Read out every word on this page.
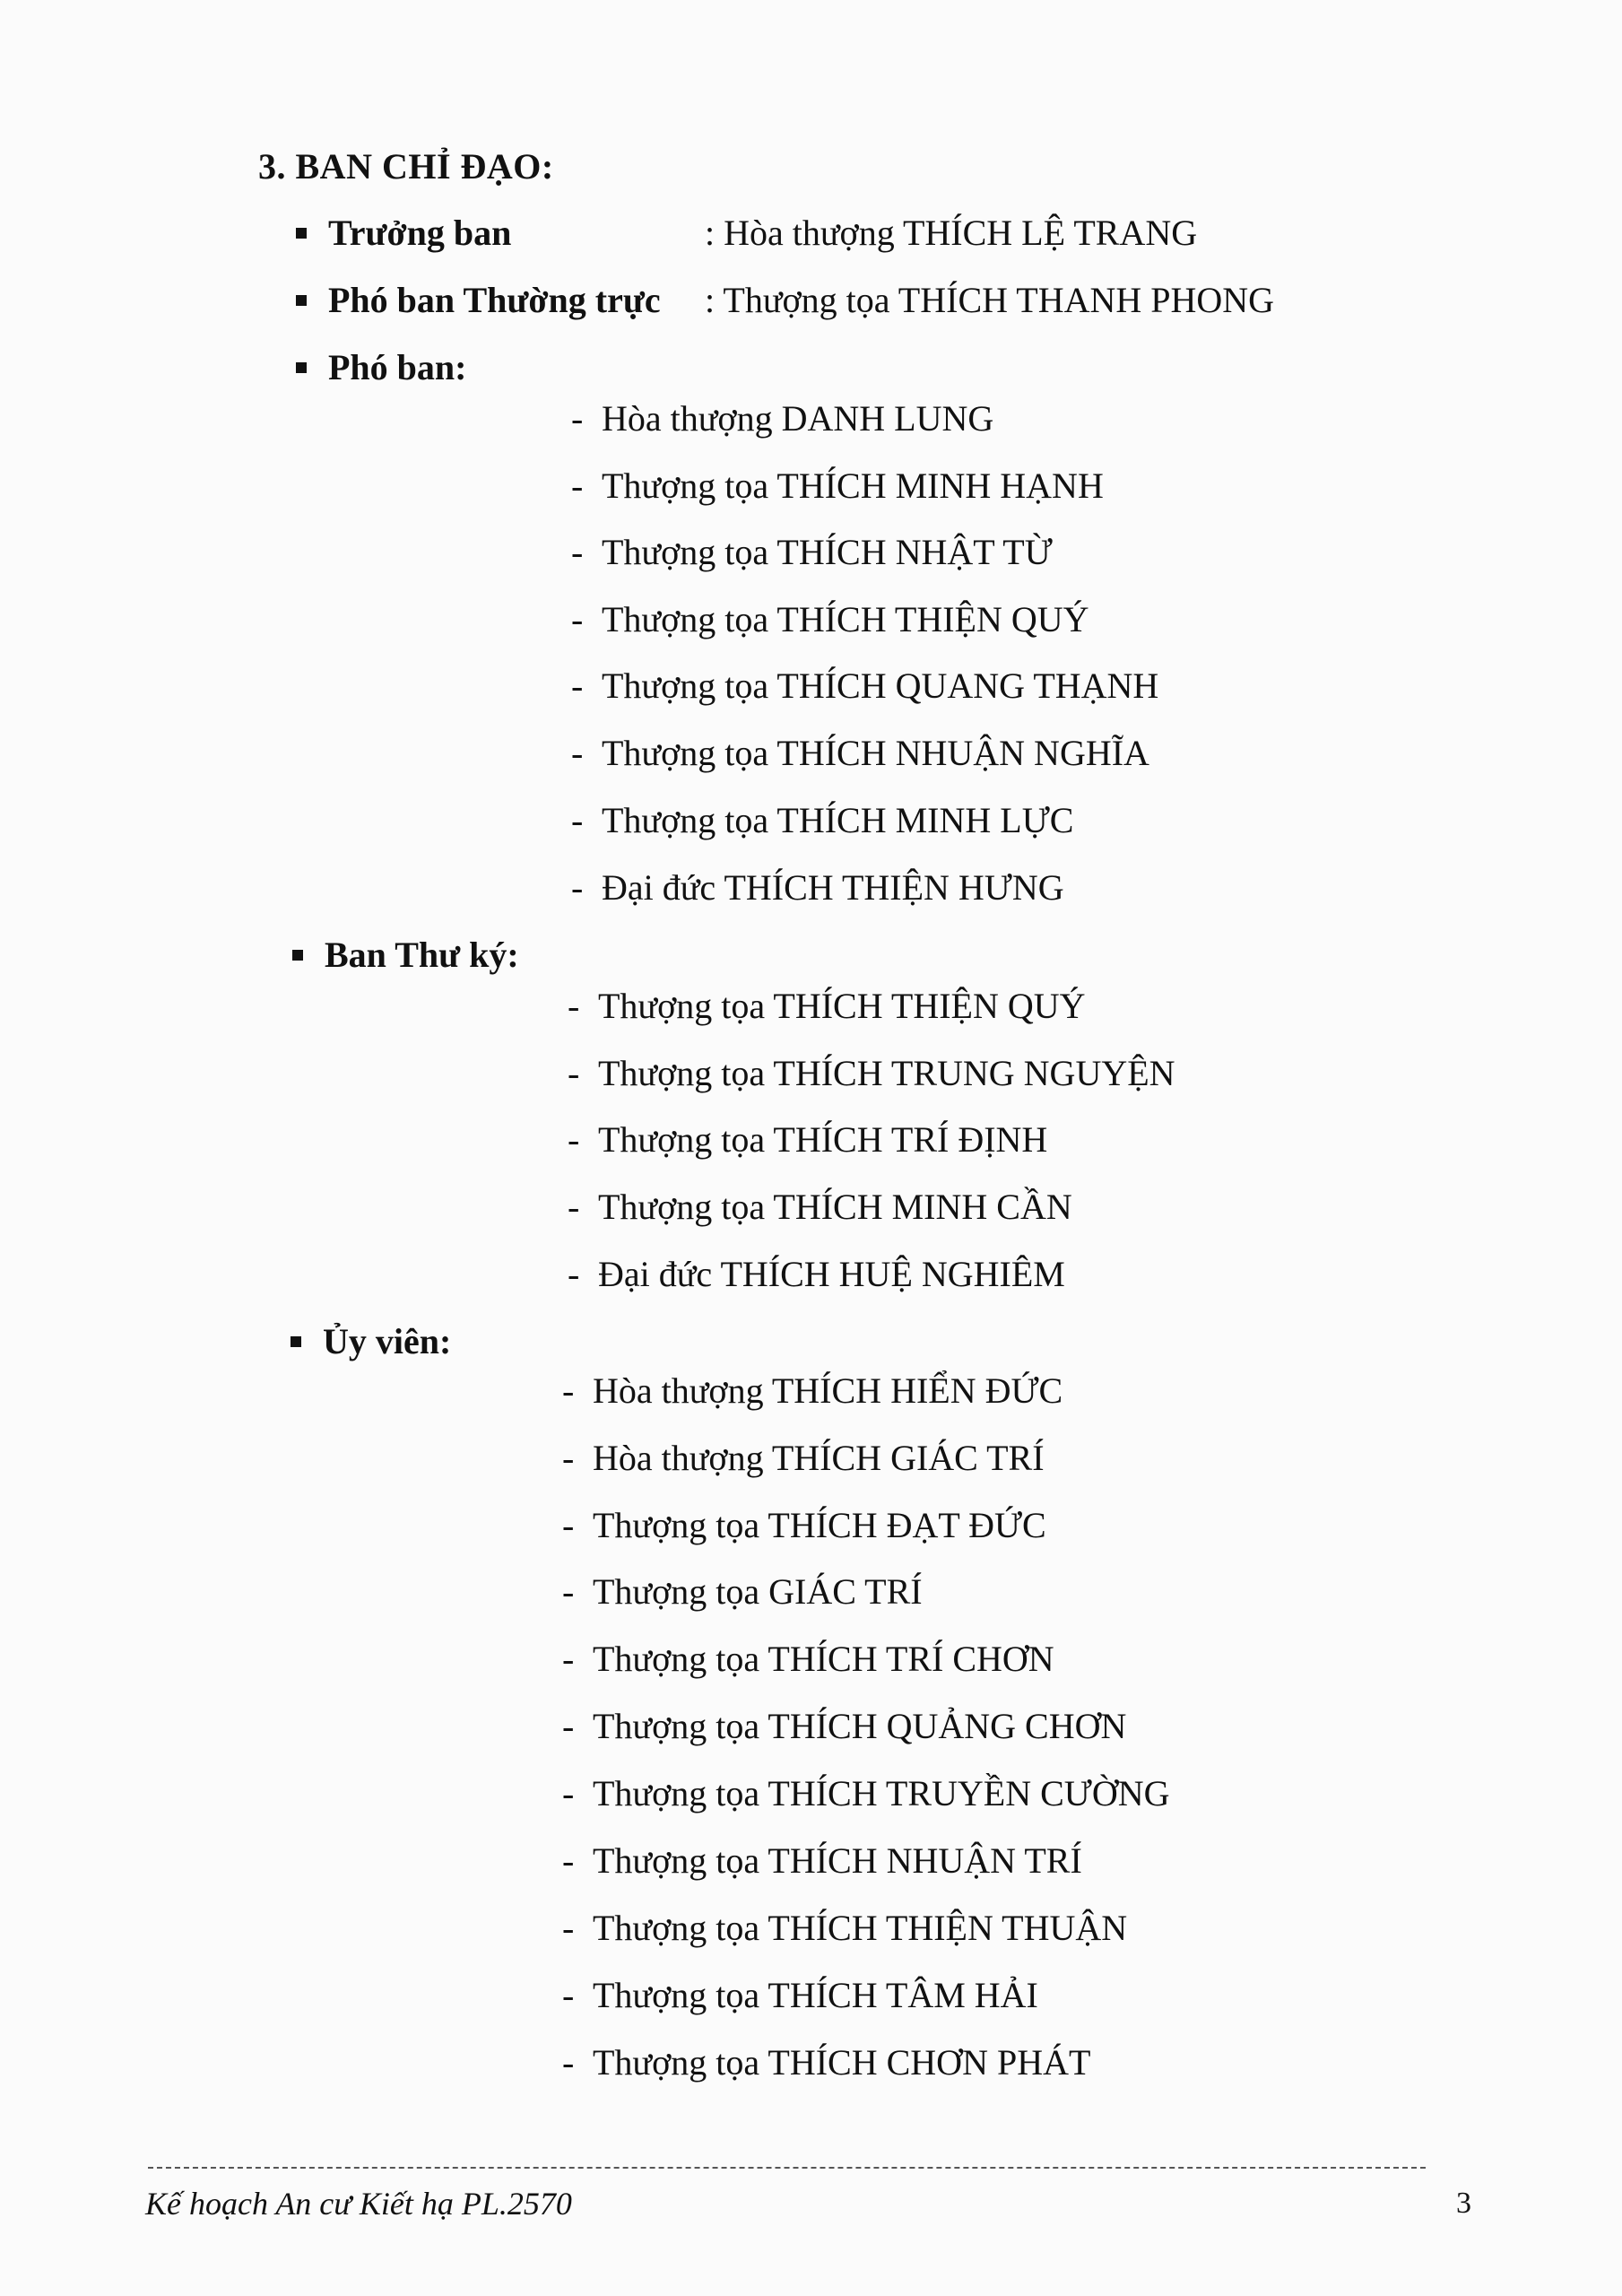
3. BAN CHỈ ĐẠO:
Trưởng ban	: Hòa thượng THÍCH LỆ TRANG
Phó ban Thường trực : Thượng tọa THÍCH THANH PHONG
Phó ban:
- Hòa thượng DANH LUNG
- Thượng tọa THÍCH MINH HẠNH
- Thượng tọa THÍCH NHẬT TỪ
- Thượng tọa THÍCH THIỆN QUÝ
- Thượng tọa THÍCH QUANG THẠNH
- Thượng tọa THÍCH NHUẬN NGHĨA
- Thượng tọa THÍCH MINH LỰC
- Đại đức THÍCH THIỆN HƯNG
Ban Thư ký:
- Thượng tọa THÍCH THIỆN QUÝ
- Thượng tọa THÍCH TRUNG NGUYỆN
- Thượng tọa THÍCH TRÍ ĐỊNH
- Thượng tọa THÍCH MINH CẦN
- Đại đức THÍCH HUỆ NGHIÊM
Ủy viên:
- Hòa thượng THÍCH HIỂN ĐỨC
- Hòa thượng THÍCH GIÁC TRÍ
- Thượng tọa THÍCH ĐẠT ĐỨC
- Thượng tọa GIÁC TRÍ
- Thượng tọa THÍCH TRÍ CHƠN
- Thượng tọa THÍCH QUẢNG CHƠN
- Thượng tọa THÍCH TRUYỀN CƯỜNG
- Thượng tọa THÍCH NHUẬN TRÍ
- Thượng tọa THÍCH THIỆN THUẬN
- Thượng tọa THÍCH TÂM HẢI
- Thượng tọa THÍCH CHƠN PHÁT
Kế hoạch An cư Kiết hạ PL.2570	3
